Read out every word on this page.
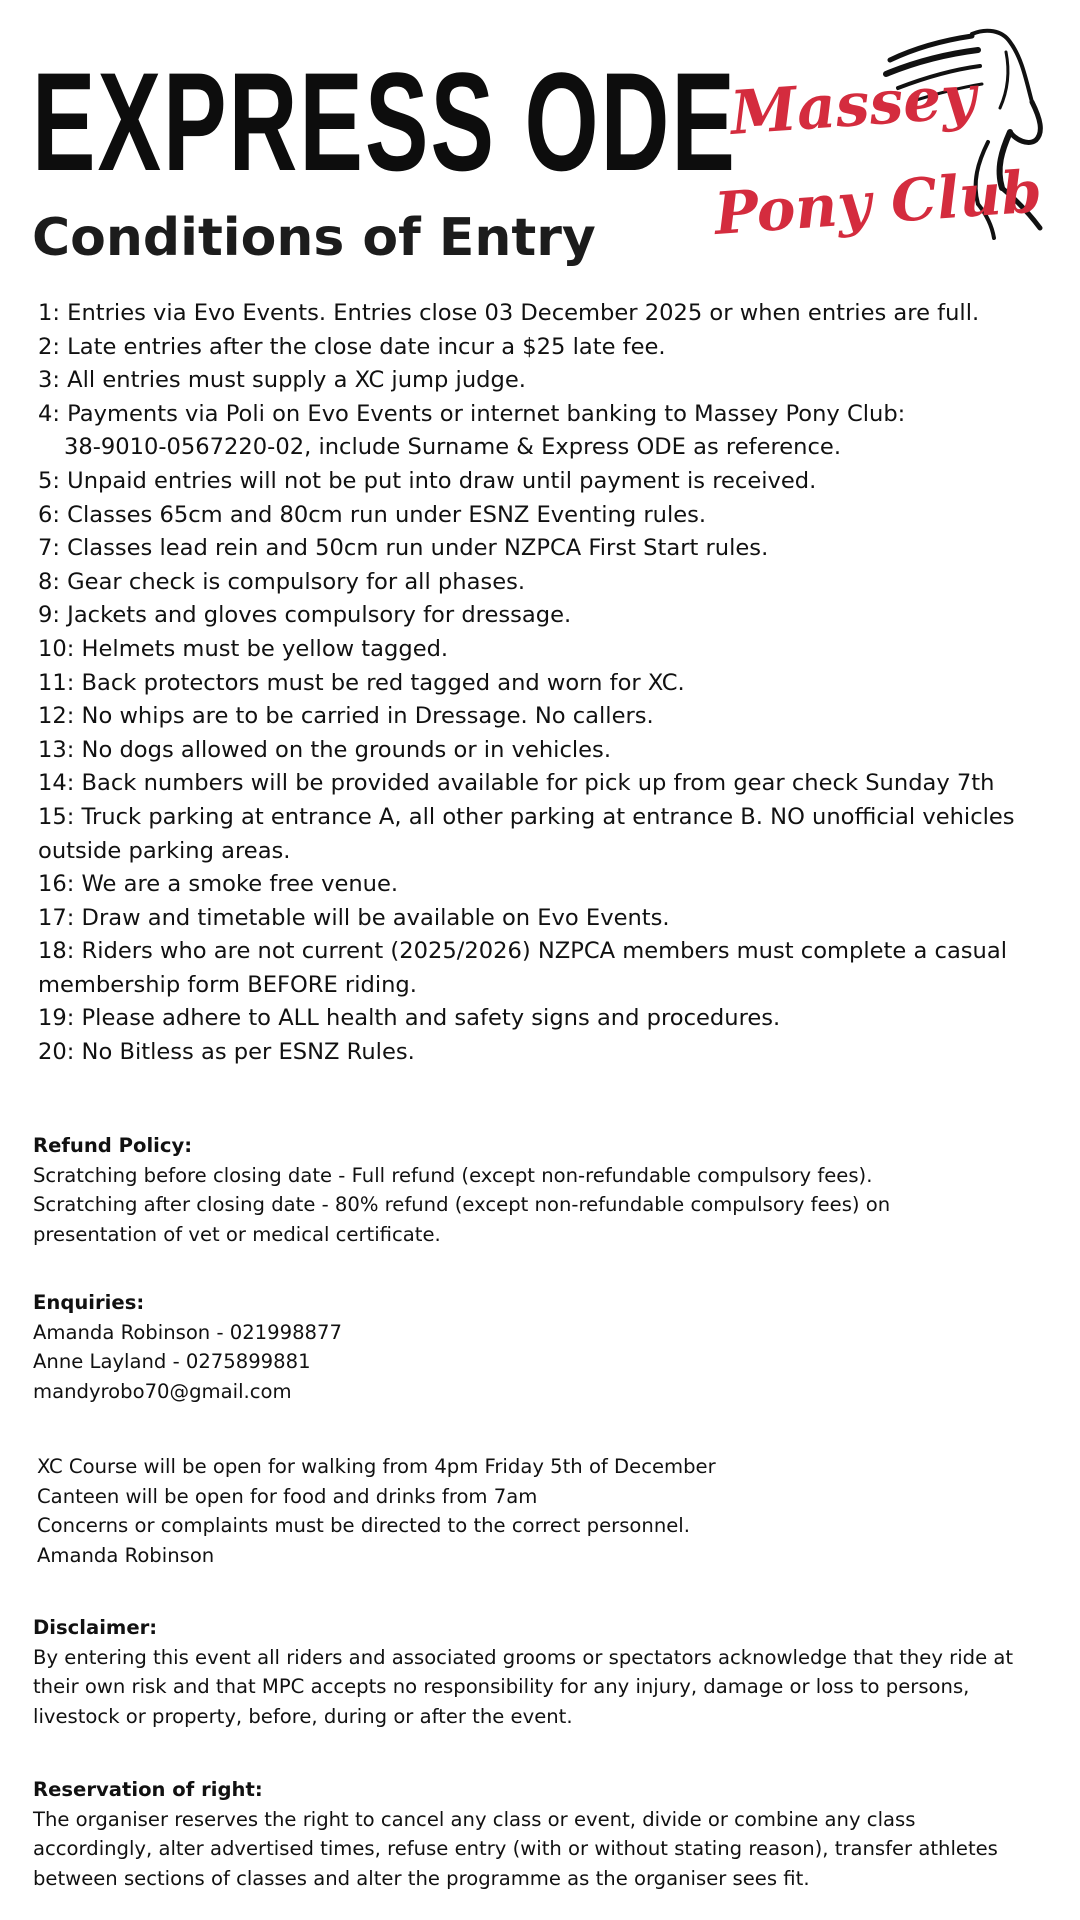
EXPRESS ODE
Conditions of Entry
Massey
Pony Club
1: Entries via Evo Events. Entries close 03 December 2025 or when entries are full.
2: Late entries after the close date incur a $25 late fee.
3: All entries must supply a XC jump judge.
4: Payments via Poli on Evo Events or internet banking to Massey Pony Club:
38-9010-0567220-02, include Surname & Express ODE as reference.
5: Unpaid entries will not be put into draw until payment is received.
6: Classes 65cm and 80cm run under ESNZ Eventing rules.
7: Classes lead rein and 50cm run under NZPCA First Start rules.
8: Gear check is compulsory for all phases.
9: Jackets and gloves compulsory for dressage.
10: Helmets must be yellow tagged.
11: Back protectors must be red tagged and worn for XC.
12: No whips are to be carried in Dressage. No callers.
13: No dogs allowed on the grounds or in vehicles.
14: Back numbers will be provided available for pick up from gear check Sunday 7th
15: Truck parking at entrance A, all other parking at entrance B. NO unofficial vehicles outside parking areas.
16: We are a smoke free venue.
17: Draw and timetable will be available on Evo Events.
18: Riders who are not current (2025/2026) NZPCA members must complete a casual membership form BEFORE riding.
19: Please adhere to ALL health and safety signs and procedures.
20: No Bitless as per ESNZ Rules.
Refund Policy:
Scratching before closing date - Full refund (except non-refundable compulsory fees).
Scratching after closing date - 80% refund (except non-refundable compulsory fees) on
presentation of vet or medical certificate.
Enquiries:
Amanda Robinson - 021998877
Anne Layland - 0275899881
mandyrobo70@gmail.com
XC Course will be open for walking from 4pm Friday 5th of December
Canteen will be open for food and drinks from 7am
Concerns or complaints must be directed to the correct personnel.
Amanda Robinson
Disclaimer:
By entering this event all riders and associated grooms or spectators acknowledge that they ride at their own risk and that MPC accepts no responsibility for any injury, damage or loss to persons, livestock or property, before, during or after the event.
Reservation of right:
The organiser reserves the right to cancel any class or event, divide or combine any class accordingly, alter advertised times, refuse entry (with or without stating reason), transfer athletes between sections of classes and alter the programme as the organiser sees fit.
